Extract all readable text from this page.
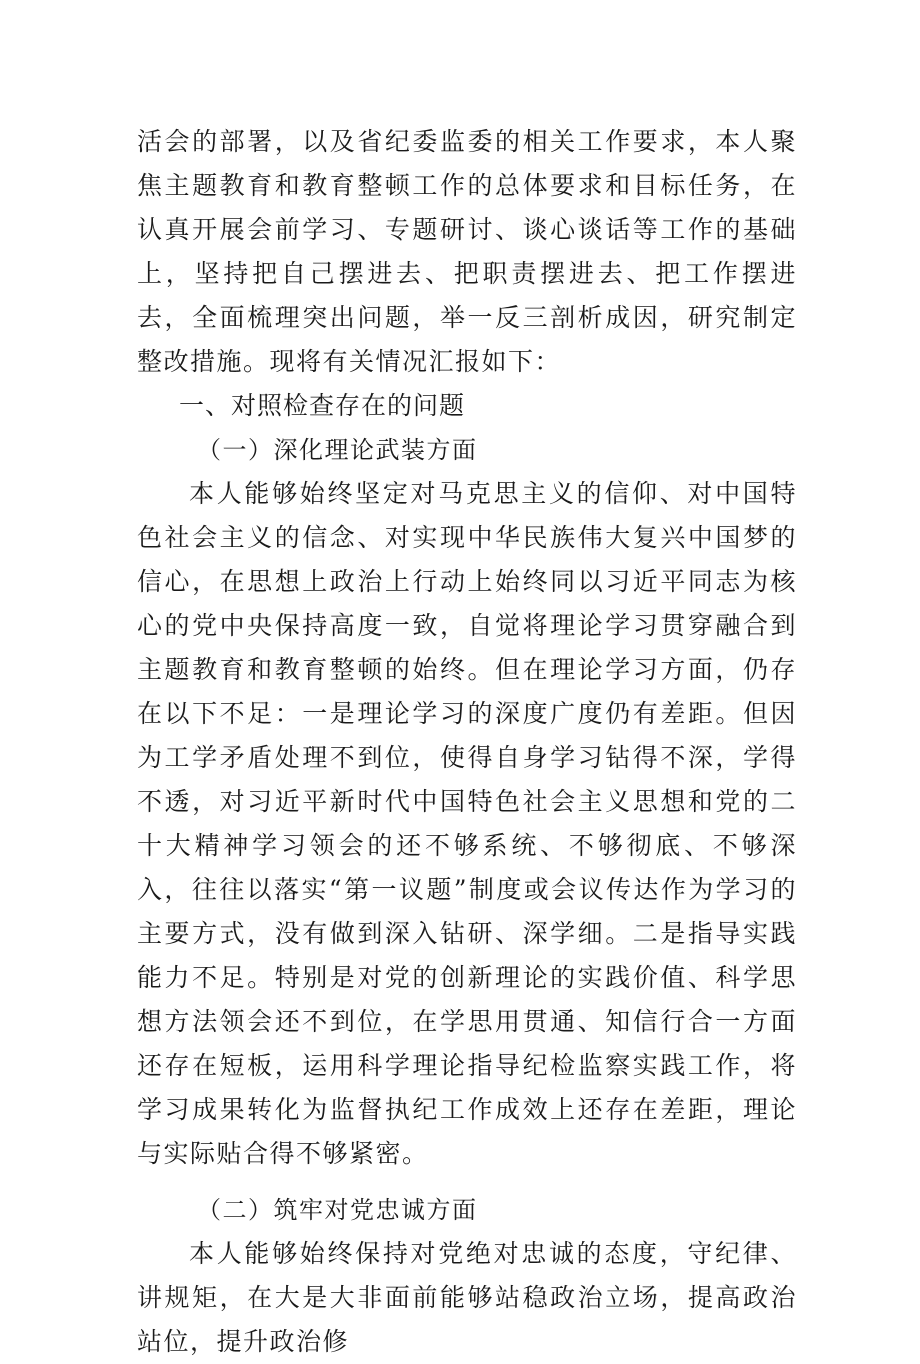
活会的部署，以及省纪委监委的相关工作要求，本人聚焦主题教育和教育整顿工作的总体要求和目标任务，在认真开展会前学习、专题研讨、谈心谈话等工作的基础上，坚持把自己摆进去、把职责摆进去、把工作摆进去，全面梳理突出问题，举一反三剖析成因，研究制定整改措施。现将有关情况汇报如下：

一、对照检查存在的问题

（一）深化理论武装方面

本人能够始终坚定对马克思主义的信仰、对中国特色社会主义的信念、对实现中华民族伟大复兴中国梦的信心，在思想上政治上行动上始终同以习近平同志为核心的党中央保持高度一致，自觉将理论学习贯穿融合到主题教育和教育整顿的始终。但在理论学习方面，仍存在以下不足：一是理论学习的深度广度仍有差距。但因为工学矛盾处理不到位，使得自身学习钻得不深，学得不透，对习近平新时代中国特色社会主义思想和党的二十大精神学习领会的还不够系统、不够彻底、不够深入，往往以落实“第一议题”制度或会议传达作为学习的主要方式，没有做到深入钻研、深学细。二是指导实践能力不足。特别是对党的创新理论的实践价值、科学思想方法领会还不到位，在学思用贯通、知信行合一方面还存在短板，运用科学理论指导纪检监察实践工作，将学习成果转化为监督执纪工作成效上还存在差距，理论与实际贴合得不够紧密。

（二）筑牢对党忠诚方面

本人能够始终保持对党绝对忠诚的态度，守纪律、讲规矩，在大是大非面前能够站稳政治立场，提高政治站位，提升政治修
